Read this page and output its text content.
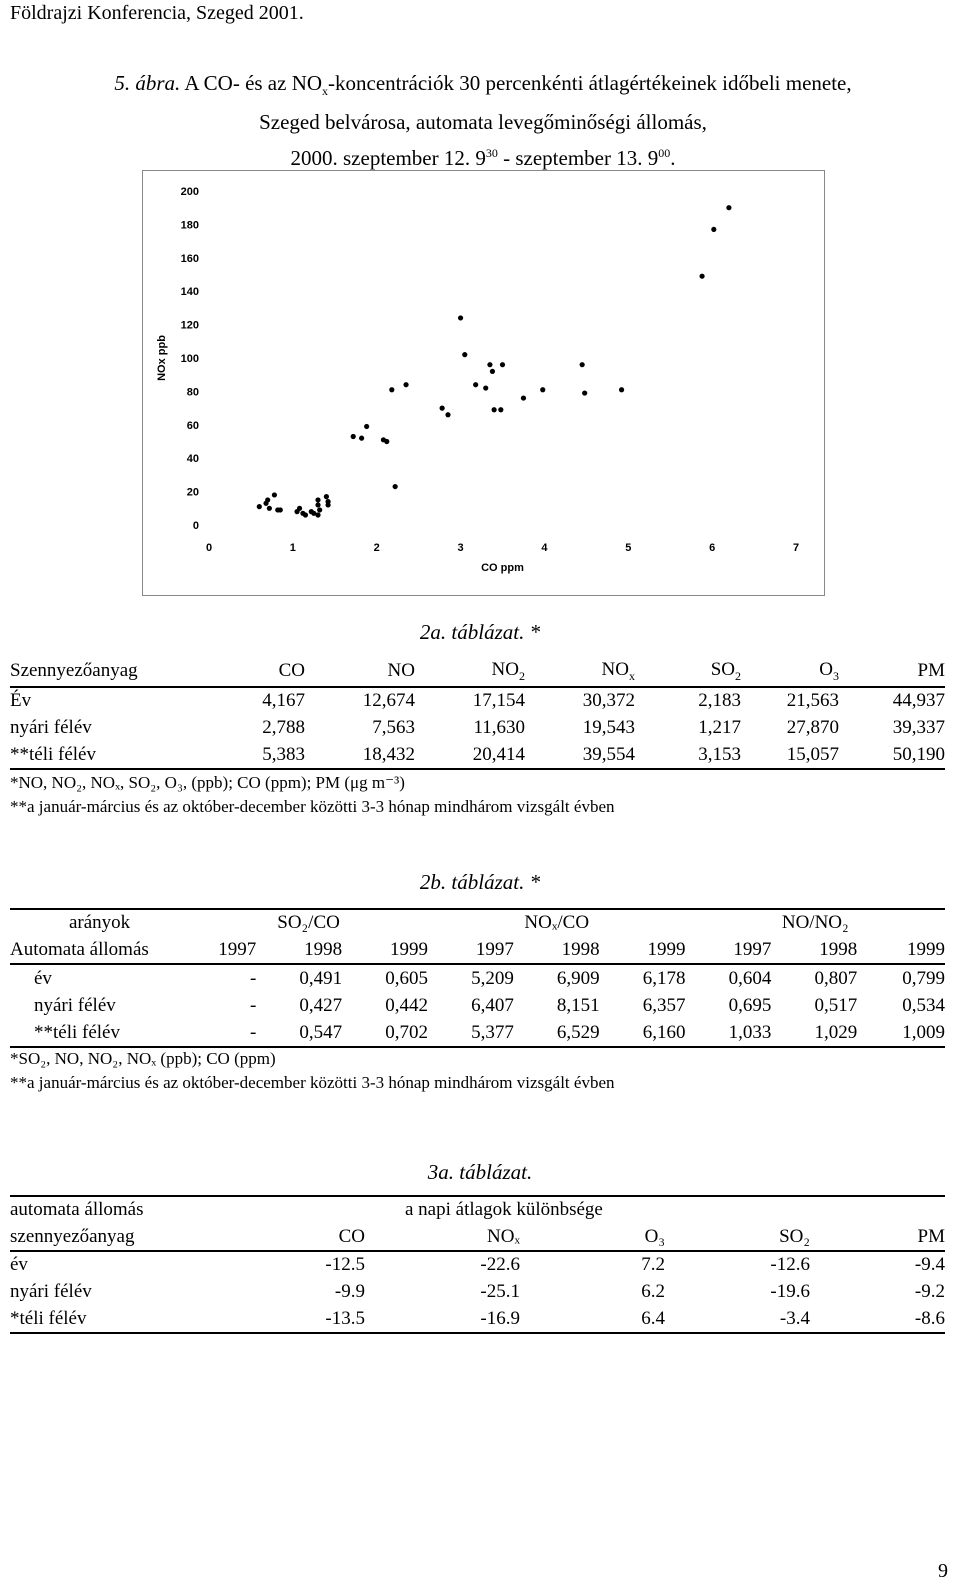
Földrajzi Konferencia, Szeged 2001.
5. ábra. A CO- és az $NO_x$-koncentrációk 30 percenkénti átlagértékeinek időbeli menete,
Szeged belvárosa, automata levegőminőségi állomás,
2000. szeptember 12. $9^{30}$ - szeptember 13. $9^{00}$.
0
20
40
60
80
100
120
140
160
180
200
0	1	2	3	4	5	6	7
CO ppm
NOx ppb
2a. táblázat. *
Szennyezőanyag	CO	NO	$NO_2$	$NO_x$	$SO_2$	$O_3$	PM
Év	4,167	12,674	17,154	30,372	2,183	21,563	44,937
nyári félév	2,788	7,563	11,630	19,543	1,217	27,870	39,337
**téli félév	5,383	18,432	20,414	39,554	3,153	15,057	50,190
*NO, NO₂, NOₓ, SO₂, O₃, (ppb); CO (ppm); PM (μg m⁻³)
**a január-március és az október-december közötti 3-3 hónap mindhárom vizsgált évben
2b. táblázat. *
arányok	SO₂/CO			NOₓ/CO			NO/NO₂		
Automata állomás	1997	1998	1999	1997	1998	1999	1997	1998	1999
év	-	0,491	0,605	5,209	6,909	6,178	0,604	0,807	0,799
nyári félév	-	0,427	0,442	6,407	8,151	6,357	0,695	0,517	0,534
**téli félév	-	0,547	0,702	5,377	6,529	6,160	1,033	1,029	1,009
*SO₂, NO, NO₂, NOₓ (ppb); CO (ppm)
**a január-március és az október-december közötti 3-3 hónap mindhárom vizsgált évben
3a. táblázat.
automata állomás		a napi átlagok különbsége			
szennyezőanyag	CO	NOₓ	O₃	SO₂	PM
év	-12.5	-22.6	7.2	-12.6	-9.4
nyári félév	-9.9	-25.1	6.2	-19.6	-9.2
*téli félév	-13.5	-16.9	6.4	-3.4	-8.6
9
